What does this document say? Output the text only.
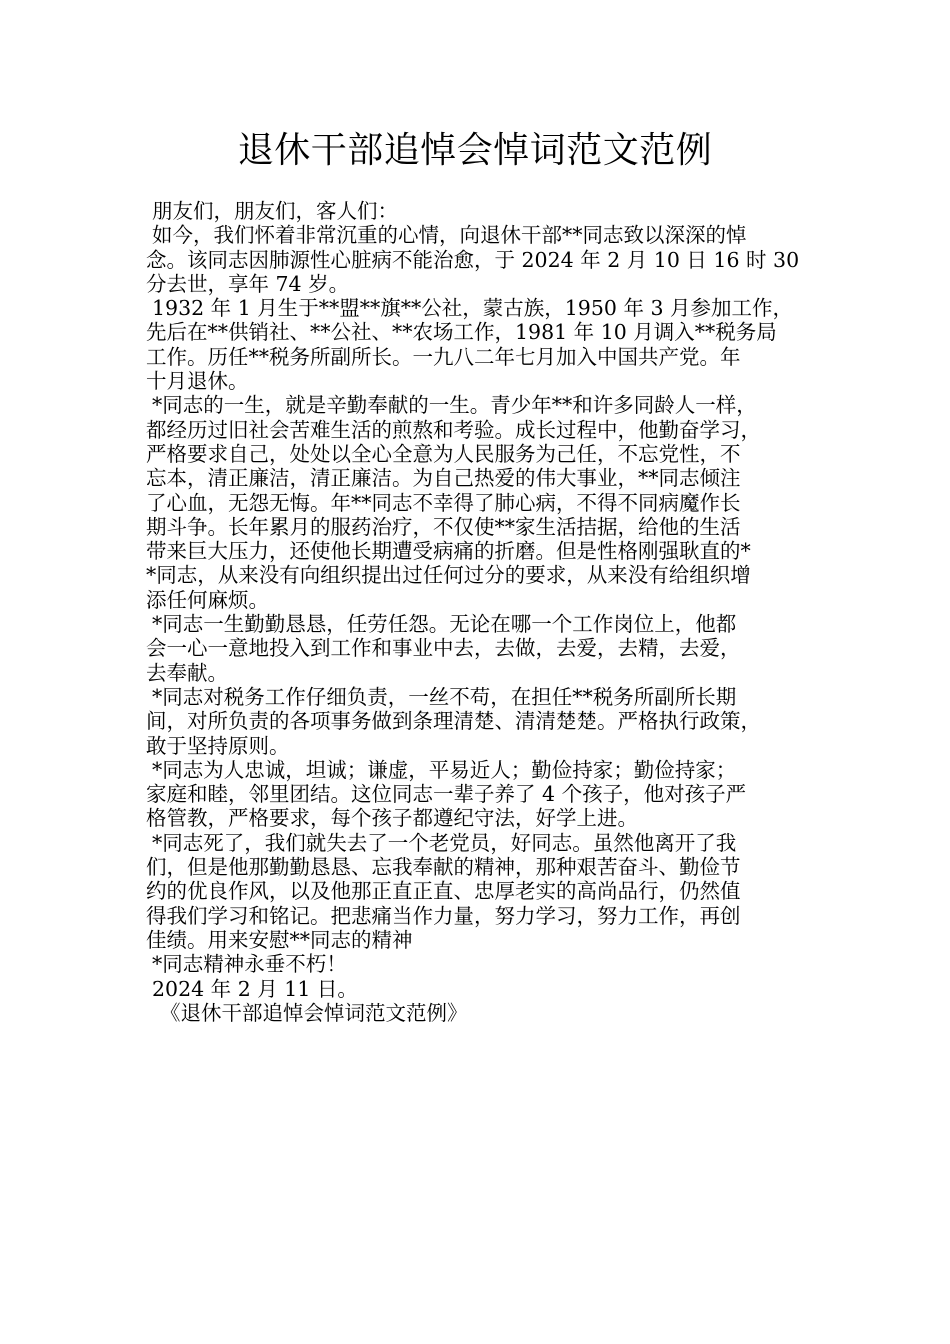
退休干部追悼会悼词范文范例
朋友们，朋友们，客人们：
如今，我们怀着非常沉重的心情，向退休干部**同志致以深深的悼
念。该同志因肺源性心脏病不能治愈，于 2024 年 2 月 10 日 16 时 30
分去世，享年 74 岁。
1932 年 1 月生于**盟**旗**公社，蒙古族，1950 年 3 月参加工作，
先后在**供销社、**公社、**农场工作，1981 年 10 月调入**税务局
工作。历任**税务所副所长。一九八二年七月加入中国共产党。年
十月退休。
*同志的一生，就是辛勤奉献的一生。青少年**和许多同龄人一样，
都经历过旧社会苦难生活的煎熬和考验。成长过程中，他勤奋学习，
严格要求自己，处处以全心全意为人民服务为己任，不忘党性，不
忘本，清正廉洁，清正廉洁。为自己热爱的伟大事业，**同志倾注
了心血，无怨无悔。年**同志不幸得了肺心病，不得不同病魔作长
期斗争。长年累月的服药治疗，不仅使**家生活拮据，给他的生活
带来巨大压力，还使他长期遭受病痛的折磨。但是性格刚强耿直的*
*同志，从来没有向组织提出过任何过分的要求，从来没有给组织增
添任何麻烦。
*同志一生勤勤恳恳，任劳任怨。无论在哪一个工作岗位上，他都
会一心一意地投入到工作和事业中去，去做，去爱，去精，去爱，
去奉献。
*同志对税务工作仔细负责，一丝不苟，在担任**税务所副所长期
间，对所负责的各项事务做到条理清楚、清清楚楚。严格执行政策，
敢于坚持原则。
*同志为人忠诚，坦诚；谦虚，平易近人；勤俭持家；勤俭持家；
家庭和睦，邻里团结。这位同志一辈子养了 4 个孩子，他对孩子严
格管教，严格要求，每个孩子都遵纪守法，好学上进。
*同志死了，我们就失去了一个老党员，好同志。虽然他离开了我
们，但是他那勤勤恳恳、忘我奉献的精神，那种艰苦奋斗、勤俭节
约的优良作风，以及他那正直正直、忠厚老实的高尚品行，仍然值
得我们学习和铭记。把悲痛当作力量，努力学习，努力工作，再创
佳绩。用来安慰**同志的精神
*同志精神永垂不朽！
2024 年 2 月 11 日。
《退休干部追悼会悼词范文范例》
